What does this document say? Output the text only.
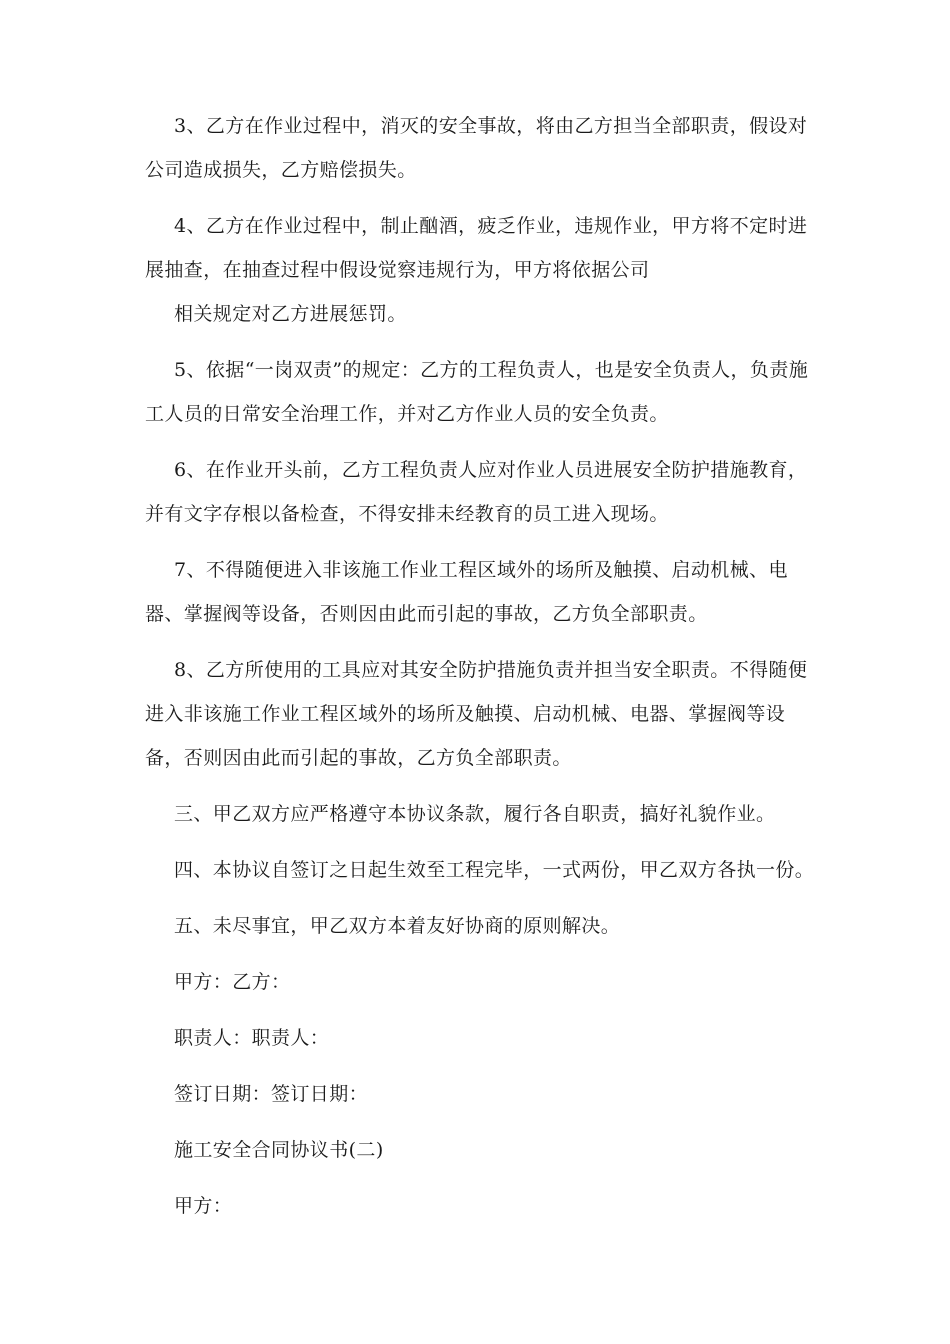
3、乙方在作业过程中，消灭的安全事故，将由乙方担当全部职责，假设对公司造成损失，乙方赔偿损失。

4、乙方在作业过程中，制止酗酒，疲乏作业，违规作业，甲方将不定时进展抽查，在抽查过程中假设觉察违规行为，甲方将依据公司

相关规定对乙方进展惩罚。

5、依据“一岗双责”的规定：乙方的工程负责人，也是安全负责人，负责施工人员的日常安全治理工作，并对乙方作业人员的安全负责。

6、在作业开头前，乙方工程负责人应对作业人员进展安全防护措施教育，并有文字存根以备检查，不得安排未经教育的员工进入现场。

7、不得随便进入非该施工作业工程区域外的场所及触摸、启动机械、电器、掌握阀等设备，否则因由此而引起的事故，乙方负全部职责。

8、乙方所使用的工具应对其安全防护措施负责并担当安全职责。不得随便进入非该施工作业工程区域外的场所及触摸、启动机械、电器、掌握阀等设备，否则因由此而引起的事故，乙方负全部职责。

三、甲乙双方应严格遵守本协议条款，履行各自职责，搞好礼貌作业。

四、本协议自签订之日起生效至工程完毕，一式两份，甲乙双方各执一份。

五、未尽事宜，甲乙双方本着友好协商的原则解决。

甲方：乙方：

职责人：职责人：

签订日期：签订日期：

施工安全合同协议书(二)

甲方：
